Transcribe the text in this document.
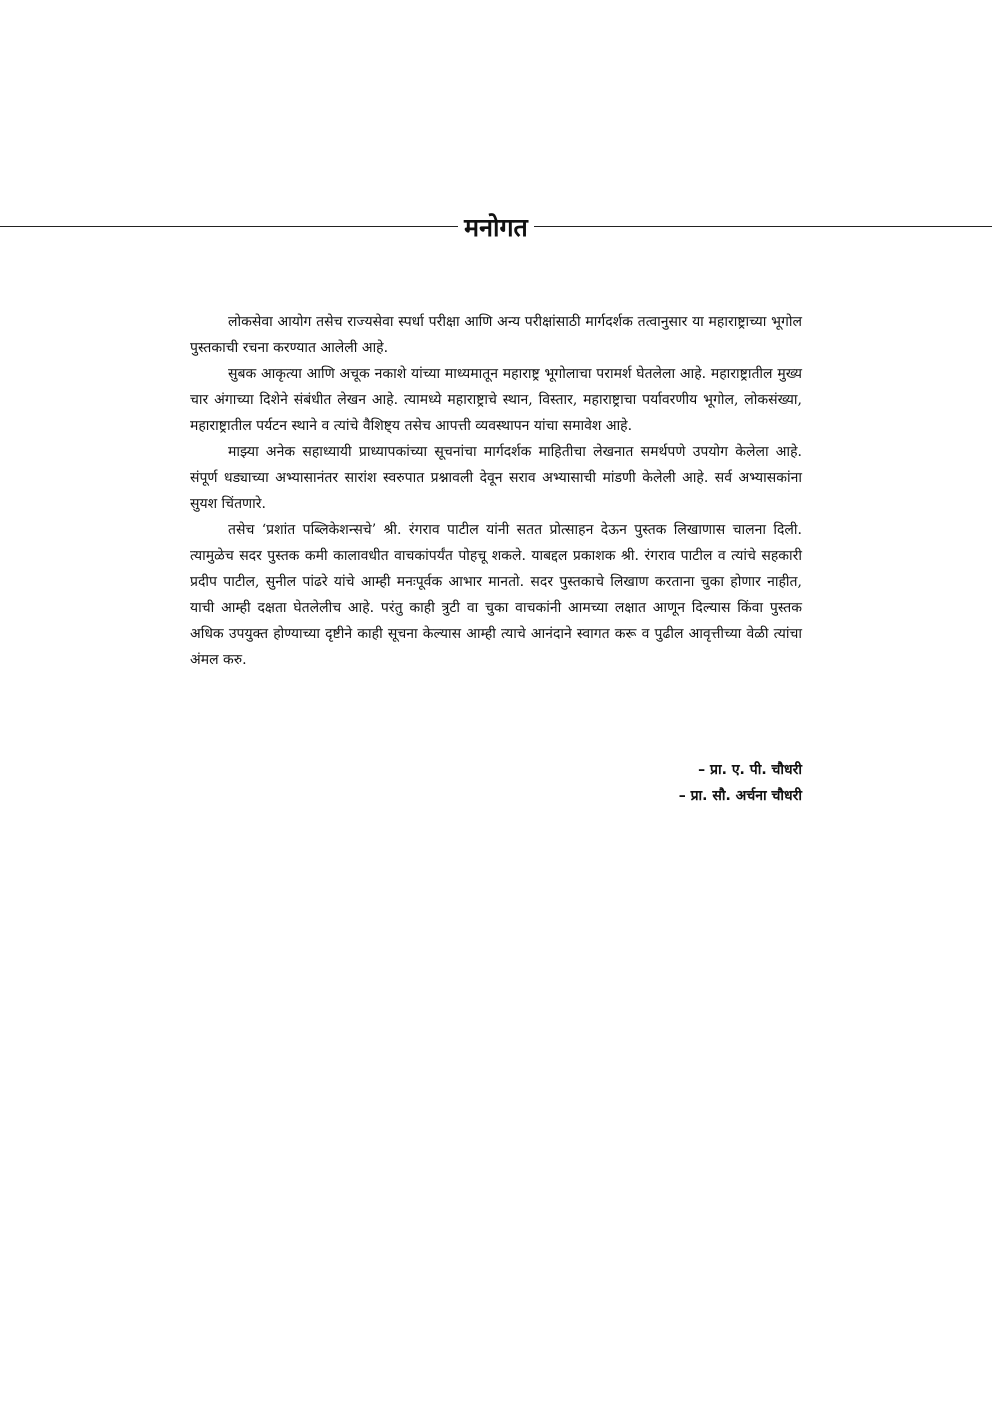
मनोगत

लोकसेवा आयोग तसेच राज्यसेवा स्पर्धा परीक्षा आणि अन्य परीक्षांसाठी मार्गदर्शक तत्वानुसार या महाराष्ट्राच्या भूगोल पुस्तकाची रचना करण्यात आलेली आहे.

सुबक आकृत्या आणि अचूक नकाशे यांच्या माध्यमातून महाराष्ट्र भूगोलाचा परामर्श घेतलेला आहे. महाराष्ट्रातील मुख्य चार अंगाच्या दिशेने संबंधीत लेखन आहे. त्यामध्ये महाराष्ट्राचे स्थान, विस्तार, महाराष्ट्राचा पर्यावरणीय भूगोल, लोकसंख्या, महाराष्ट्रातील पर्यटन स्थाने व त्यांचे वैशिष्ट्य तसेच आपत्ती व्यवस्थापन यांचा समावेश आहे.

माझ्या अनेक सहाध्यायी प्राध्यापकांच्या सूचनांचा मार्गदर्शक माहितीचा लेखनात समर्थपणे उपयोग केलेला आहे. संपूर्ण धड्याच्या अभ्यासानंतर सारांश स्वरुपात प्रश्नावली देवून सराव अभ्यासाची मांडणी केलेली आहे. सर्व अभ्यासकांना सुयश चिंतणारे.

तसेच ‘प्रशांत पब्लिकेशन्सचे’ श्री. रंगराव पाटील यांनी सतत प्रोत्साहन देऊन पुस्तक लिखाणास चालना दिली. त्यामुळेच सदर पुस्तक कमी कालावधीत वाचकांपर्यंत पोहचू शकले. याबद्दल प्रकाशक श्री. रंगराव पाटील व त्यांचे सहकारी प्रदीप पाटील, सुनील पांढरे यांचे आम्ही मनःपूर्वक आभार मानतो. सदर पुस्तकाचे लिखाण करताना चुका होणार नाहीत, याची आम्ही दक्षता घेतलेलीच आहे. परंतु काही त्रुटी वा चुका वाचकांनी आमच्या लक्षात आणून दिल्यास किंवा पुस्तक अधिक उपयुक्त होण्याच्या दृष्टीने काही सूचना केल्यास आम्ही त्याचे आनंदाने स्वागत करू व पुढील आवृत्तीच्या वेळी त्यांचा अंमल करु.

– प्रा. ए. पी. चौधरी
– प्रा. सौ. अर्चना चौधरी
